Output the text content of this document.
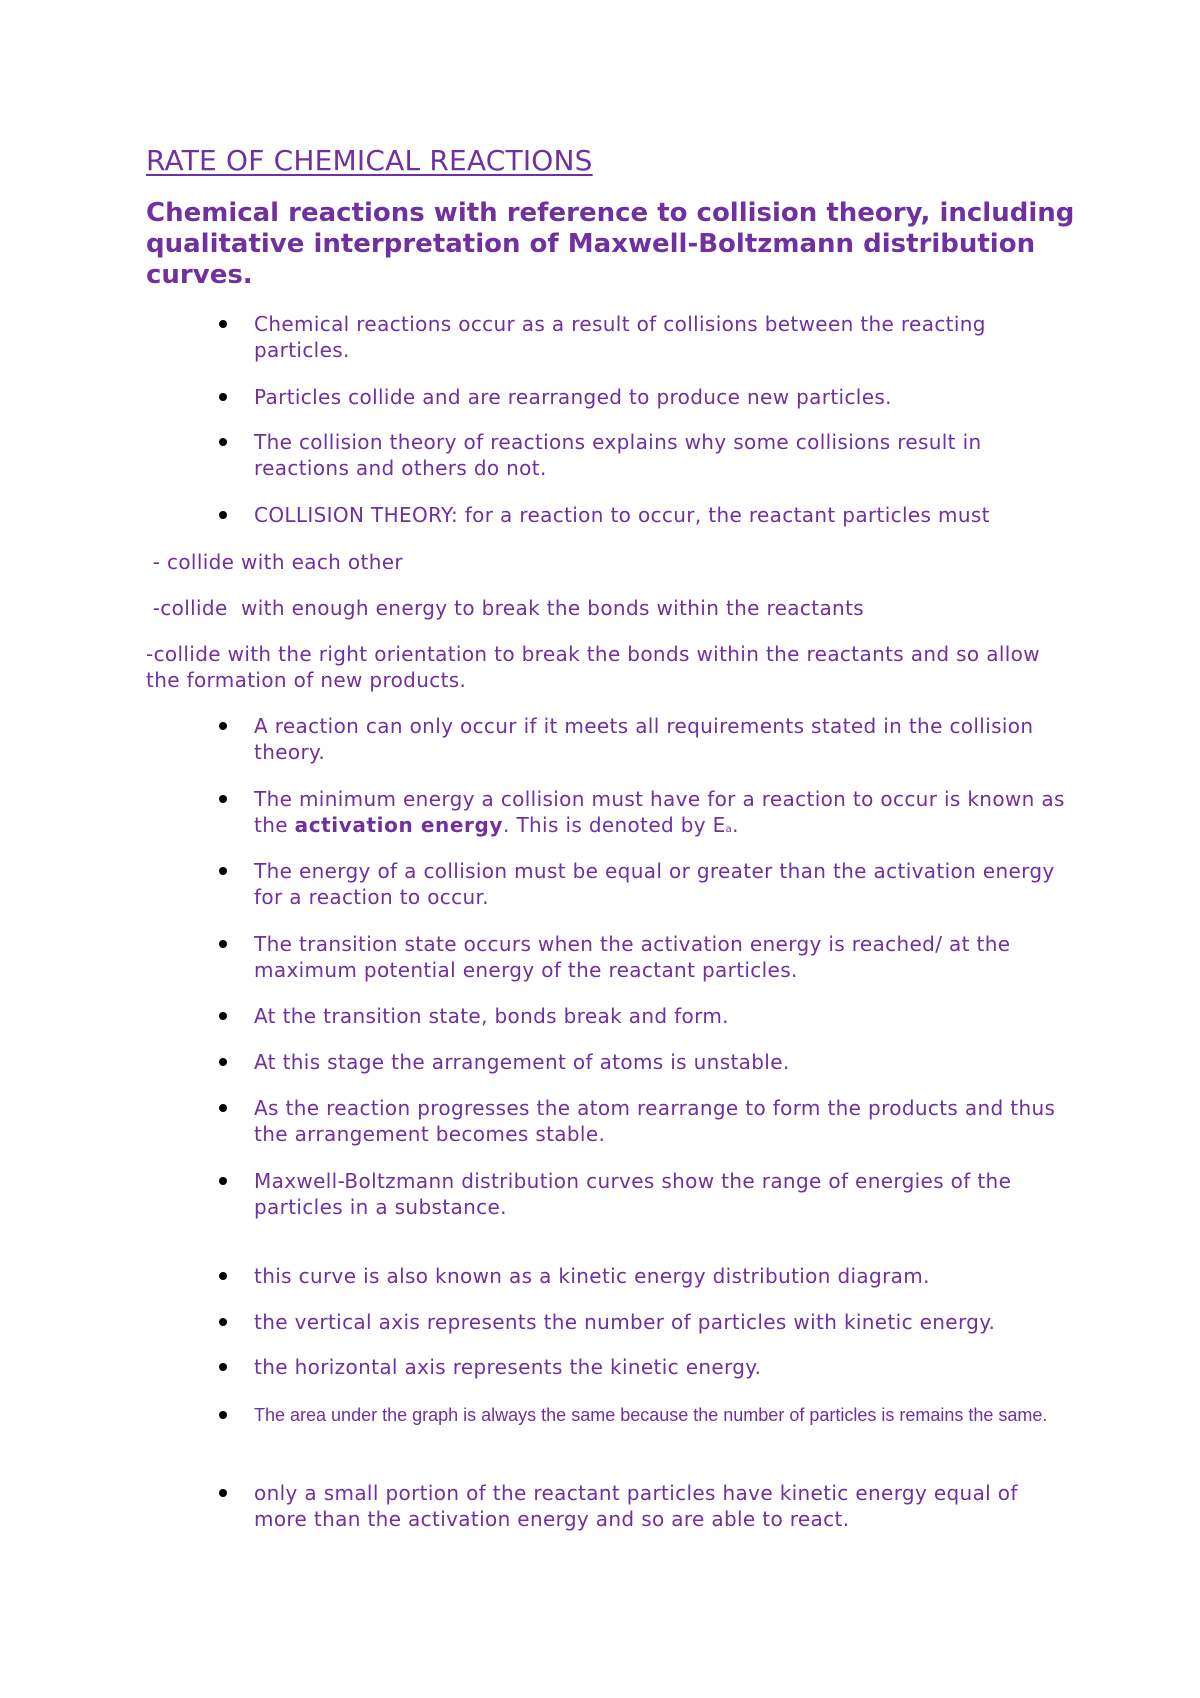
RATE OF CHEMICAL REACTIONS
Chemical reactions with reference to collision theory, including qualitative interpretation of Maxwell-Boltzmann distribution curves.
Chemical reactions occur as a result of collisions between the reacting particles.
Particles collide and are rearranged to produce new particles.
The collision theory of reactions explains why some collisions result in reactions and others do not.
COLLISION THEORY: for a reaction to occur, the reactant particles must

- collide with each other

-collide  with enough energy to break the bonds within the reactants

-collide with the right orientation to break the bonds within the reactants and so allow the formation of new products.

A reaction can only occur if it meets all requirements stated in the collision theory.
The minimum energy a collision must have for a reaction to occur is known as the activation energy. This is denoted by Ea.
The energy of a collision must be equal or greater than the activation energy for a reaction to occur.
The transition state occurs when the activation energy is reached/ at the maximum potential energy of the reactant particles.
At the transition state, bonds break and form.
At this stage the arrangement of atoms is unstable.
As the reaction progresses the atom rearrange to form the products and thus the arrangement becomes stable.
Maxwell-Boltzmann distribution curves show the range of energies of the particles in a substance.
this curve is also known as a kinetic energy distribution diagram.
the vertical axis represents the number of particles with kinetic energy.
the horizontal axis represents the kinetic energy.
The area under the graph is always the same because the number of particles is remains the same.
only a small portion of the reactant particles have kinetic energy equal of more than the activation energy and so are able to react.
